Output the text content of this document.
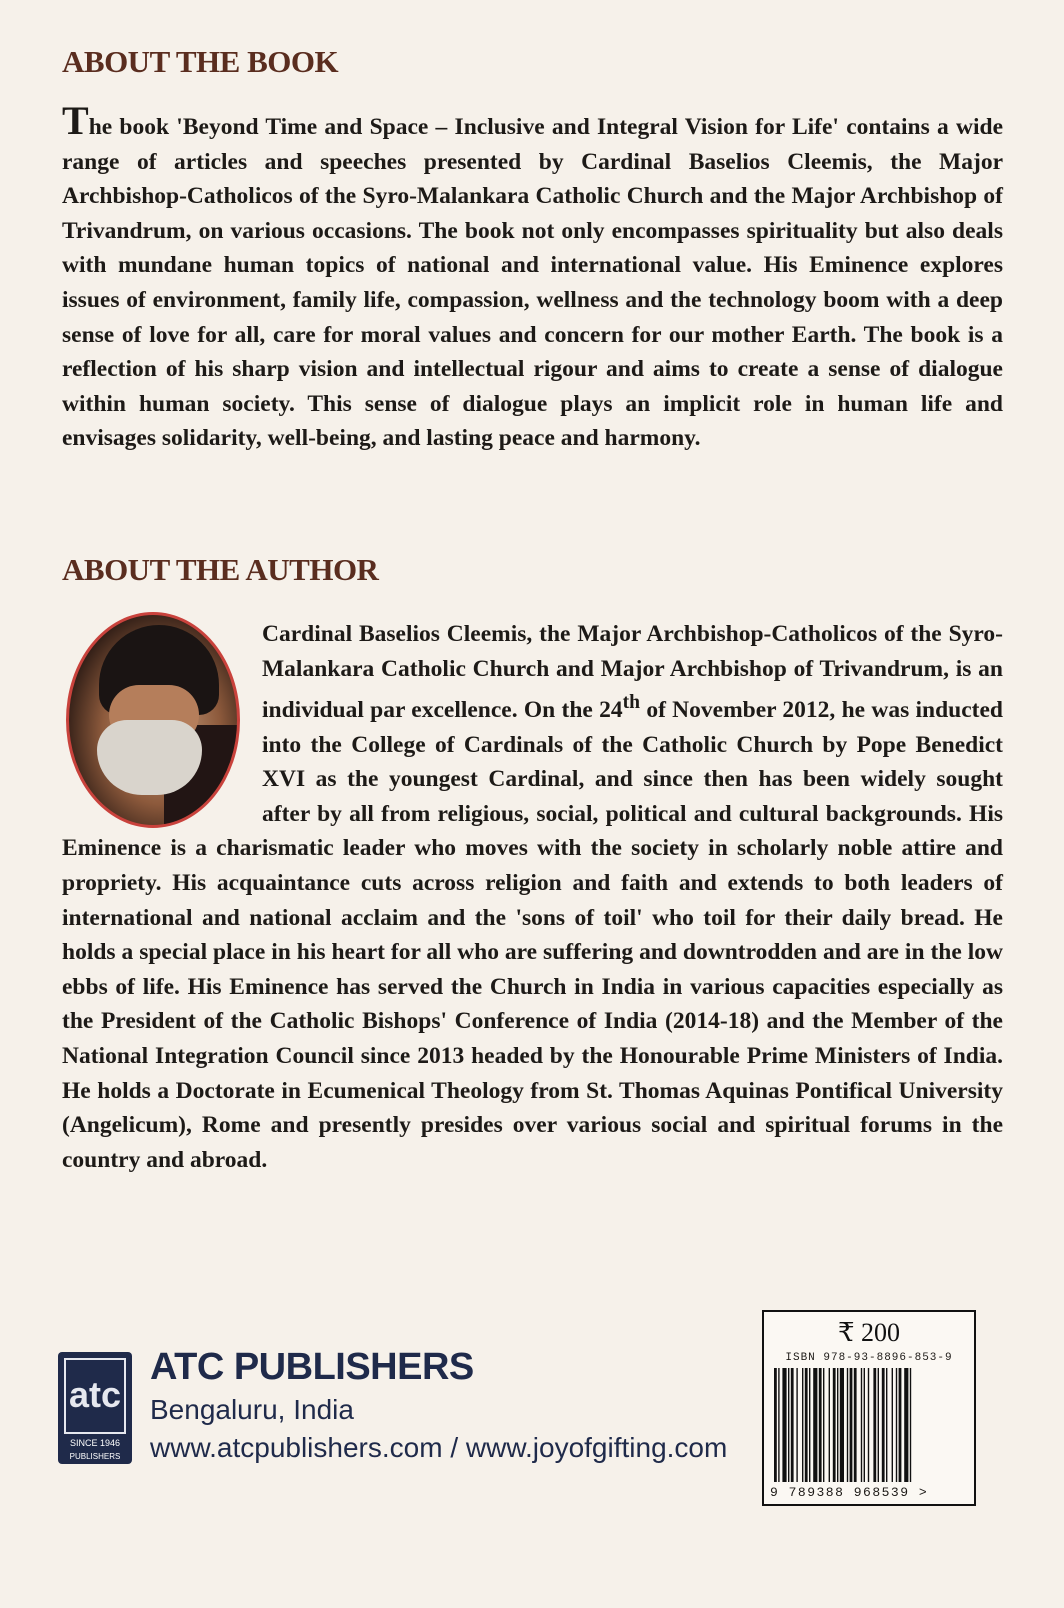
ABOUT THE BOOK

The book 'Beyond Time and Space – Inclusive and Integral Vision for Life' contains a wide range of articles and speeches presented by Cardinal Baselios Cleemis, the Major Archbishop-Catholicos of the Syro-Malankara Catholic Church and the Major Archbishop of Trivandrum, on various occasions. The book not only encompasses spirituality but also deals with mundane human topics of national and international value. His Eminence explores issues of environment, family life, compassion, wellness and the technology boom with a deep sense of love for all, care for moral values and concern for our mother Earth. The book is a reflection of his sharp vision and intellectual rigour and aims to create a sense of dialogue within human society. This sense of dialogue plays an implicit role in human life and envisages solidarity, well-being, and lasting peace and harmony.

ABOUT THE AUTHOR

Cardinal Baselios Cleemis, the Major Archbishop-Catholicos of the Syro-Malankara Catholic Church and Major Archbishop of Trivandrum, is an individual par excellence. On the 24th of November 2012, he was inducted into the College of Cardinals of the Catholic Church by Pope Benedict XVI as the youngest Cardinal, and since then has been widely sought after by all from religious, social, political and cultural backgrounds. His Eminence is a charismatic leader who moves with the society in scholarly noble attire and propriety. His acquaintance cuts across religion and faith and extends to both leaders of international and national acclaim and the 'sons of toil' who toil for their daily bread. He holds a special place in his heart for all who are suffering and downtrodden and are in the low ebbs of life. His Eminence has served the Church in India in various capacities especially as the President of the Catholic Bishops' Conference of India (2014-18) and the Member of the National Integration Council since 2013 headed by the Honourable Prime Ministers of India. He holds a Doctorate in Ecumenical Theology from St. Thomas Aquinas Pontifical University (Angelicum), Rome and presently presides over various social and spiritual forums in the country and abroad.

atc
SINCE 1946
PUBLISHERS
ATC PUBLISHERS
Bengaluru, India
www.atcpublishers.com / www.joyofgifting.com
₹ 200
ISBN 978-93-8896-853-9
9 789388 968539 >
